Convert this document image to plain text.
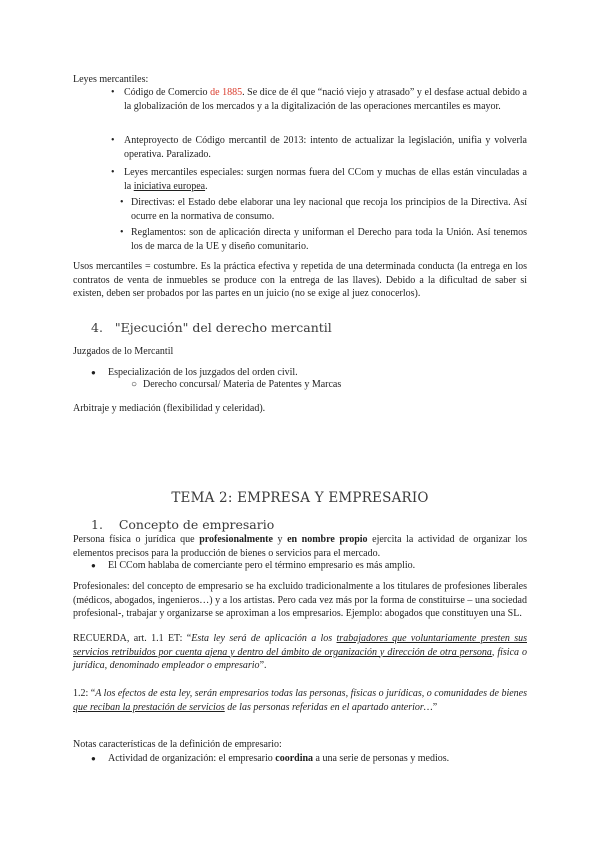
Leyes mercantiles:
• Código de Comercio de 1885. Se dice de él que “nació viejo y atrasado” y el desfase actual debido a la globalización de los mercados y a la digitalización de las operaciones mercantiles es mayor.
• Anteproyecto de Código mercantil de 2013: intento de actualizar la legislación, unifia y volverla operativa. Paralizado.
• Leyes mercantiles especiales: surgen normas fuera del CCom y muchas de ellas están vinculadas a la iniciativa europea.
• Directivas: el Estado debe elaborar una ley nacional que recoja los principios de la Directiva. Así ocurre en la normativa de consumo.
• Reglamentos: son de aplicación directa y uniforman el Derecho para toda la Unión. Así tenemos los de marca de la UE y diseño comunitario.
Usos mercantiles = costumbre. Es la práctica efectiva y repetida de una determinada conducta (la entrega en los contratos de venta de inmuebles se produce con la entrega de las llaves). Debido a la dificultad de saber si existen, deben ser probados por las partes en un juicio (no se exige al juez conocerlos).
4.   "Ejecución" del derecho mercantil
Juzgados de lo Mercantil
● Especialización de los juzgados del orden civil.
○ Derecho concursal/ Materia de Patentes y Marcas
Arbitraje y mediación (flexibilidad y celeridad).
TEMA 2: EMPRESA Y EMPRESARIO
1.    Concepto de empresario
Persona física o jurídica que profesionalmente y en nombre propio ejercita la actividad de organizar los elementos precisos para la producción de bienes o servicios para el mercado.
● El CCom hablaba de comerciante pero el término empresario es más amplio.
Profesionales: del concepto de empresario se ha excluido tradicionalmente a los titulares de profesiones liberales (médicos, abogados, ingenieros…) y a los artistas. Pero cada vez más por la forma de constituirse – una sociedad profesional-, trabajar y organizarse se aproximan a los empresarios. Ejemplo: abogados que constituyen una SL.
RECUERDA, art. 1.1 ET: “Esta ley será de aplicación a los trabajadores que voluntariamente presten sus servicios retribuidos por cuenta ajena y dentro del ámbito de organización y dirección de otra persona, física o jurídica, denominado empleador o empresario”.
1.2: “A los efectos de esta ley, serán empresarios todas las personas, físicas o jurídicas, o comunidades de bienes que reciban la prestación de servicios de las personas referidas en el apartado anterior…”
Notas características de la definición de empresario:
● Actividad de organización: el empresario coordina a una serie de personas y medios.
